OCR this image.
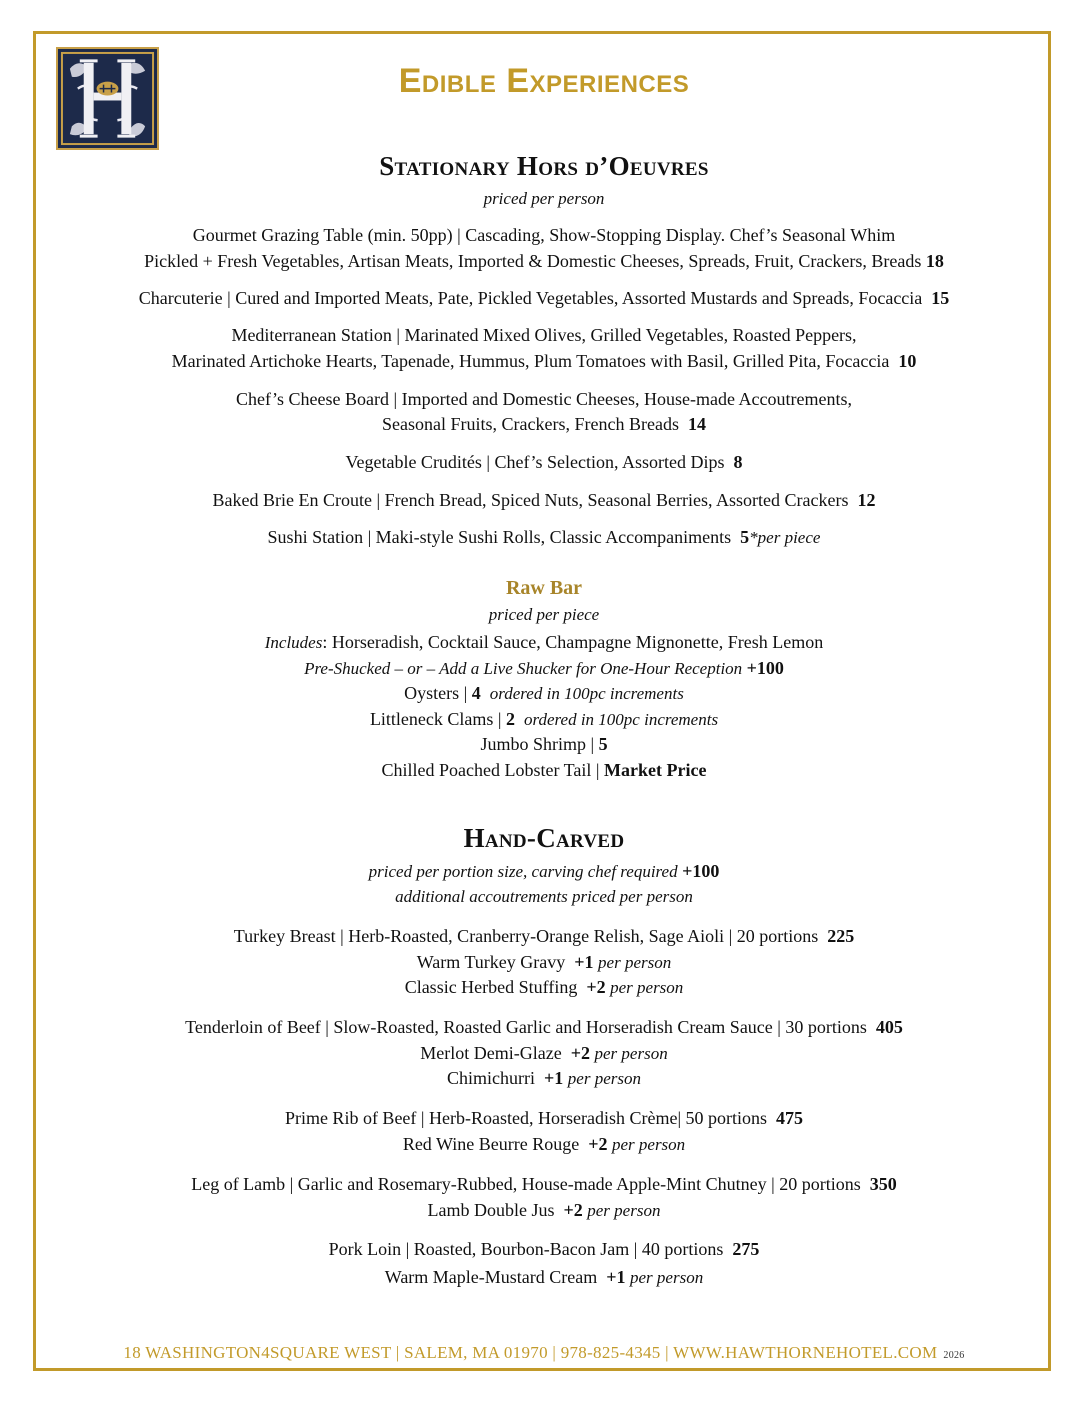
Edible Experiences
Stationary Hors d’Oeuvres
priced per person
Gourmet Grazing Table (min. 50pp) | Cascading, Show-Stopping Display. Chef’s Seasonal Whim
Pickled + Fresh Vegetables, Artisan Meats, Imported & Domestic Cheeses, Spreads, Fruit, Crackers, Breads 18
Charcuterie | Cured and Imported Meats, Pate, Pickled Vegetables, Assorted Mustards and Spreads, Focaccia 15
Mediterranean Station | Marinated Mixed Olives, Grilled Vegetables, Roasted Peppers,
Marinated Artichoke Hearts, Tapenade, Hummus, Plum Tomatoes with Basil, Grilled Pita, Focaccia 10
Chef’s Cheese Board | Imported and Domestic Cheeses, House-made Accoutrements,
Seasonal Fruits, Crackers, French Breads 14
Vegetable Crudités | Chef’s Selection, Assorted Dips 8
Baked Brie En Croute | French Bread, Spiced Nuts, Seasonal Berries, Assorted Crackers 12
Sushi Station | Maki-style Sushi Rolls, Classic Accompaniments 5*per piece
Raw Bar
priced per piece
Includes: Horseradish, Cocktail Sauce, Champagne Mignonette, Fresh Lemon
Pre-Shucked – or – Add a Live Shucker for One-Hour Reception +100
Oysters | 4 ordered in 100pc increments
Littleneck Clams | 2 ordered in 100pc increments
Jumbo Shrimp | 5
Chilled Poached Lobster Tail | Market Price
Hand-Carved
priced per portion size, carving chef required +100
additional accoutrements priced per person
Turkey Breast | Herb-Roasted, Cranberry-Orange Relish, Sage Aioli | 20 portions 225
Warm Turkey Gravy +1 per person
Classic Herbed Stuffing +2 per person
Tenderloin of Beef | Slow-Roasted, Roasted Garlic and Horseradish Cream Sauce | 30 portions 405
Merlot Demi-Glaze +2 per person
Chimichurri +1 per person
Prime Rib of Beef | Herb-Roasted, Horseradish Crème| 50 portions 475
Red Wine Beurre Rouge +2 per person
Leg of Lamb | Garlic and Rosemary-Rubbed, House-made Apple-Mint Chutney | 20 portions 350
Lamb Double Jus +2 per person
Pork Loin | Roasted, Bourbon-Bacon Jam | 40 portions 275
Warm Maple-Mustard Cream +1 per person
18 WASHINGTON4SQUARE WEST | SALEM, MA 01970 | 978-825-4345 | WWW.HAWTHORNEHOTEL.COM 2026
